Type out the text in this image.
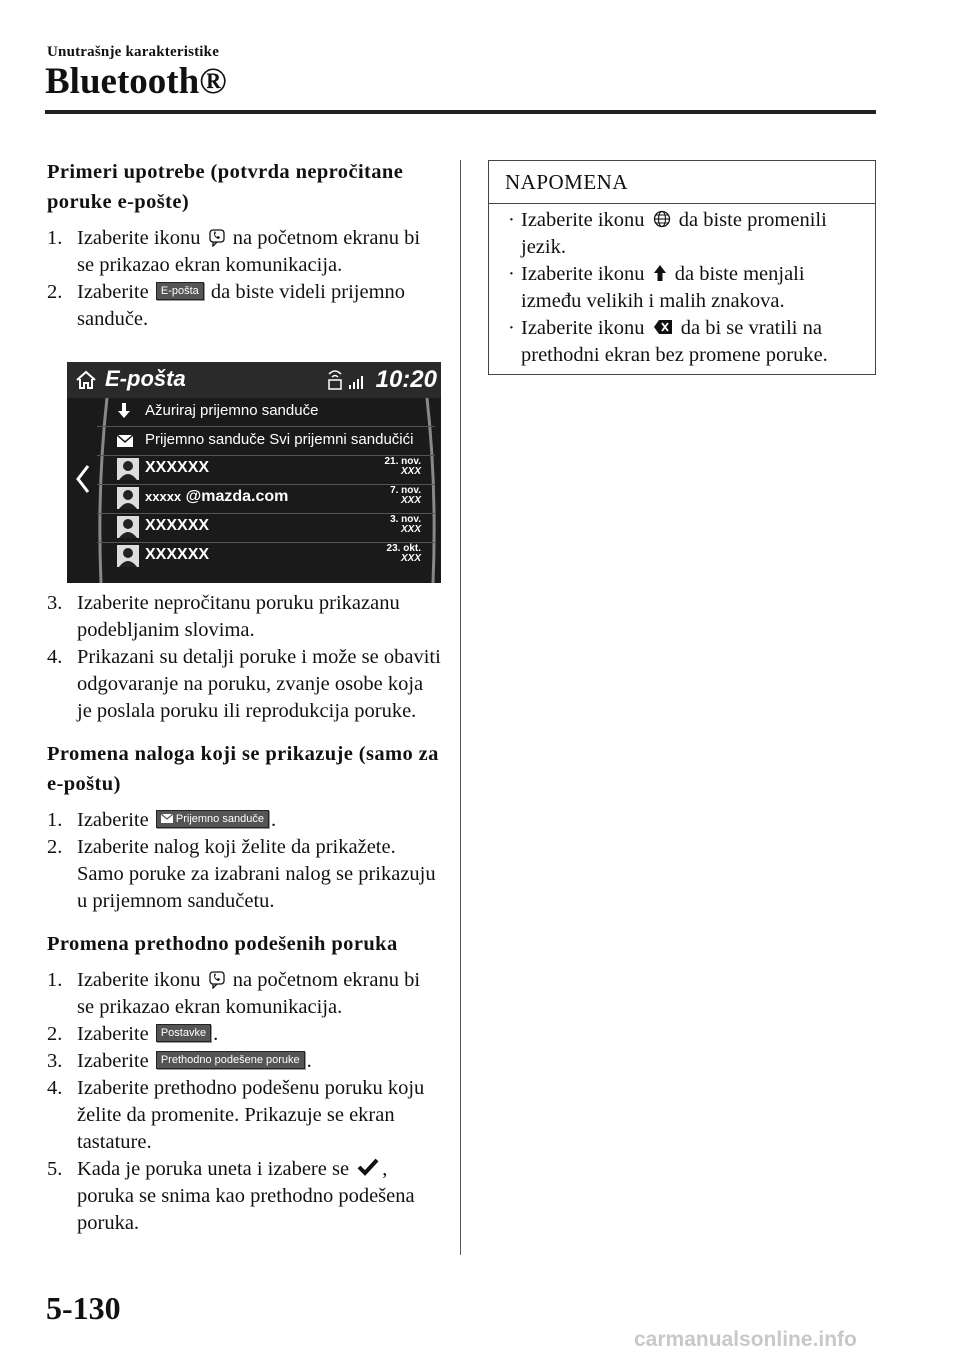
Unutrašnje karakteristike
Bluetooth®
Primeri upotrebe (potvrda nepročitane poruke e-pošte)
1. Izaberite ikonu na početnom ekranu bi se prikazao ekran komunikacija.
2. Izaberite E-pošta da biste videli prijemno sanduče.
E-pošta	10:20
Ažuriraj prijemno sanduče
Prijemno sanduče Svi prijemni sandučići
XXXXXX	21. nov.
XXX
xxxxx @mazda.com	7. nov.
XXX
XXXXXX	3. nov.
XXX
XXXXXX	23. okt.
XXX
3. Izaberite nepročitanu poruku prikazanu podebljanim slovima.
4. Prikazani su detalji poruke i može se obaviti odgovaranje na poruku, zvanje osobe koja je poslala poruku ili reprodukcija poruke.
Promena naloga koji se prikazuje (samo za e-poštu)
1. Izaberite Prijemno sanduče .
2. Izaberite nalog koji želite da prikažete. Samo poruke za izabrani nalog se prikazuju u prijemnom sandučetu.
Promena prethodno podešenih poruka
1. Izaberite ikonu na početnom ekranu bi se prikazao ekran komunikacija.
2. Izaberite Postavke .
3. Izaberite Prethodno podešene poruke .
4. Izaberite prethodno podešenu poruku koju želite da promenite. Prikazuje se ekran tastature.
5. Kada je poruka uneta i izabere se , poruka se snima kao prethodno podešena poruka.
NAPOMENA
· Izaberite ikonu da biste promenili jezik.
· Izaberite ikonu da biste menjali između velikih i malih znakova.
· Izaberite ikonu da bi se vratili na prethodni ekran bez promene poruke.
5-130
carmanualsonline.info
